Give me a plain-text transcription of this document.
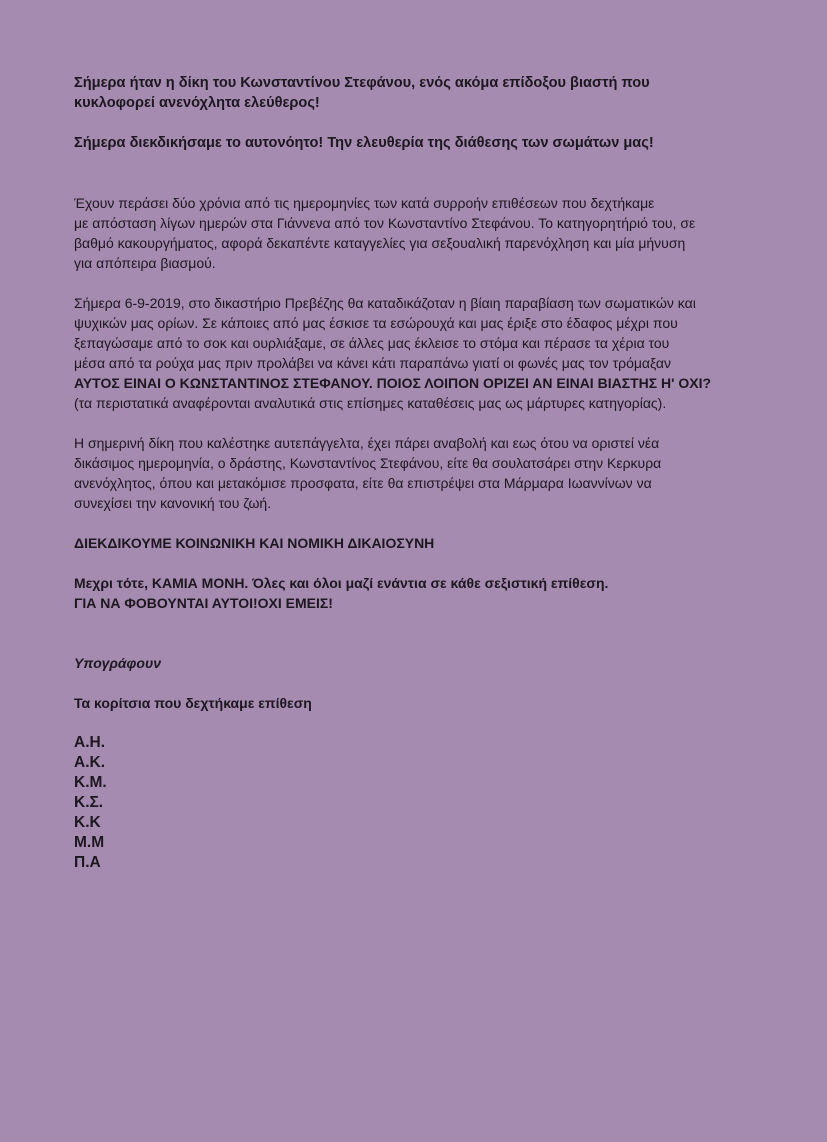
Σήμερα ήταν η δίκη του Κωνσταντίνου Στεφάνου, ενός ακόμα επίδοξου βιαστή που
κυκλοφορεί ανενόχλητα ελεύθερος!
Σήμερα διεκδικήσαμε το αυτονόητο! Την ελευθερία της διάθεσης των σωμάτων μας!
Έχουν περάσει δύο χρόνια από τις ημερομηνίες των κατά συρροήν επιθέσεων που δεχτήκαμε
με απόσταση λίγων ημερών στα Γιάννενα από τον Κωνσταντίνο Στεφάνου. Το κατηγορητήριό του, σε
βαθμό κακουργήματος, αφορά δεκαπέντε καταγγελίες για σεξουαλική παρενόχληση και μία μήνυση
για απόπειρα βιασμού.
Σήμερα 6-9-2019, στο δικαστήριο Πρεβέζης θα καταδικάζοταν η βίαιη παραβίαση των σωματικών και
ψυχικών μας ορίων. Σε κάποιες από μας έσκισε τα εσώρουχά και μας έριξε στο έδαφος μέχρι που
ξεπαγώσαμε από το σοκ και ουρλιάξαμε, σε άλλες μας έκλεισε το στόμα και πέρασε τα χέρια του
μέσα από τα ρούχα μας πριν προλάβει να κάνει κάτι παραπάνω γιατί οι φωνές μας τον τρόμαξαν
ΑΥΤΟΣ ΕΙΝΑΙ Ο ΚΩΝΣΤΑΝΤΙΝΟΣ ΣΤΕΦΑΝΟΥ. ΠΟΙΟΣ ΛΟΙΠΟΝ ΟΡΙΖΕΙ ΑΝ ΕΙΝΑΙ ΒΙΑΣΤΗΣ Η' ΟΧΙ?
(τα περιστατικά αναφέρονται αναλυτικά στις επίσημες καταθέσεις μας ως μάρτυρες κατηγορίας).
Η σημερινή δίκη που καλέστηκε αυτεπάγγελτα, έχει πάρει αναβολή και εως ότου να οριστεί νέα
δικάσιμος ημερομηνία, ο δράστης, Κωνσταντίνος Στεφάνου, είτε θα σουλατσάρει στην Κερκυρα
ανενόχλητος, όπου και μετακόμισε προσφατα, είτε θα επιστρέψει στα Μάρμαρα Ιωαννίνων να
συνεχίσει την κανονική του ζωή.
ΔΙΕΚΔΙΚΟΥΜΕ ΚΟΙΝΩΝΙΚΗ ΚΑΙ ΝΟΜΙΚΗ ΔΙΚΑΙΟΣΥΝΗ
Μεχρι τότε, ΚΑΜΙΑ ΜΟΝΗ. Όλες και όλοι μαζί ενάντια σε κάθε σεξιστική επίθεση.
ΓΙΑ ΝΑ ΦΟΒΟΥΝΤΑΙ ΑΥΤΟΙ!ΟΧΙ ΕΜΕΙΣ!
Υπογράφουν
Τα κορίτσια που δεχτήκαμε επίθεση
Α.Η.
Α.Κ.
Κ.Μ.
Κ.Σ.
Κ.Κ
Μ.Μ
Π.Α
